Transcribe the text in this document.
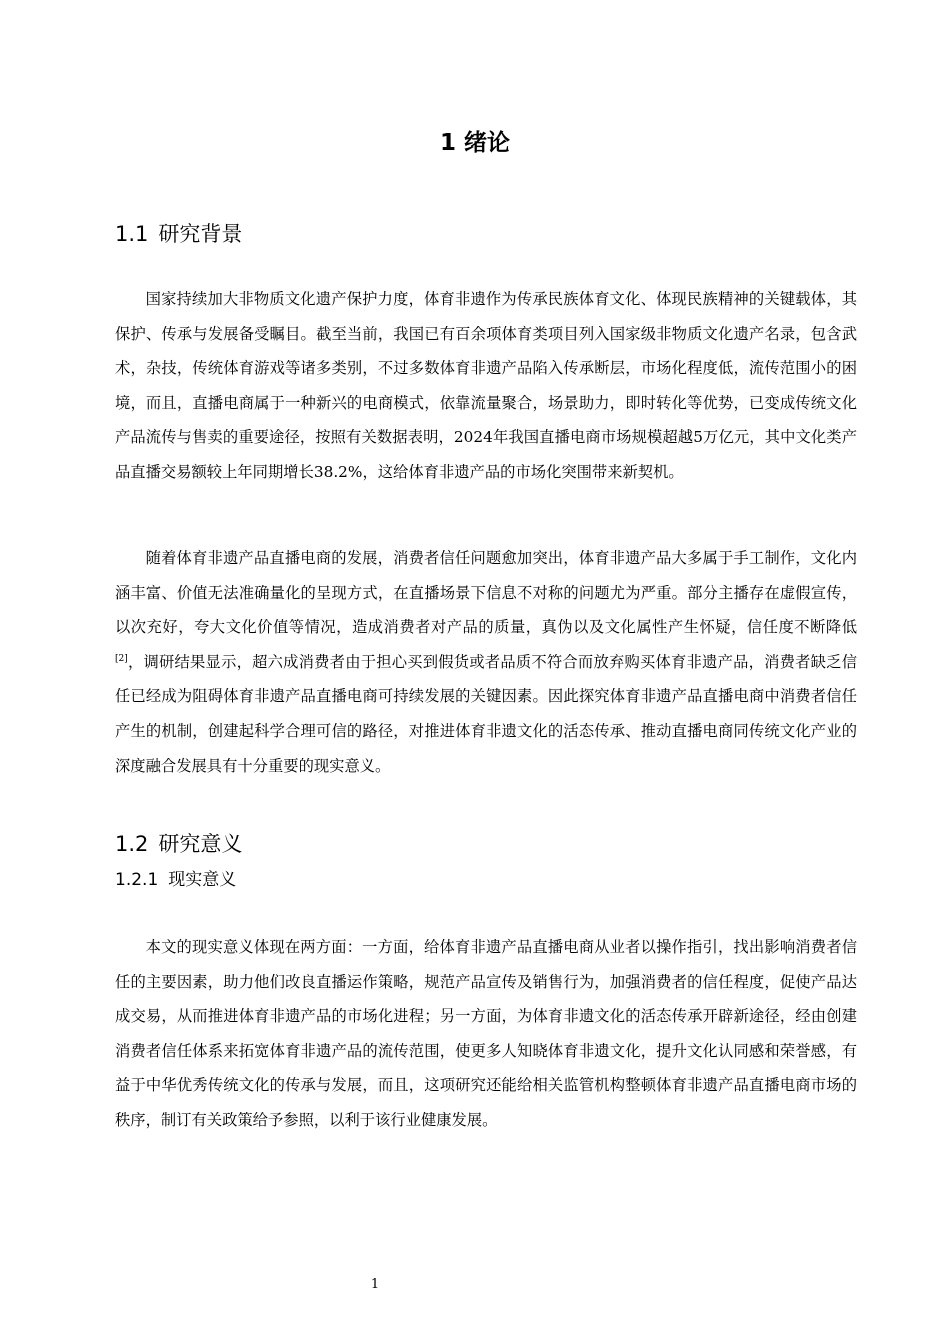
1 绪论
1.1 研究背景

国家持续加大非物质文化遗产保护力度，体育非遗作为传承民族体育文化、体现民族精神的关键载体，其保护、传承与发展备受瞩目。截至当前，我国已有百余项体育类项目列入国家级非物质文化遗产名录，包含武术，杂技，传统体育游戏等诸多类别，不过多数体育非遗产品陷入传承断层，市场化程度低，流传范围小的困境，而且，直播电商属于一种新兴的电商模式，依靠流量聚合，场景助力，即时转化等优势，已变成传统文化产品流传与售卖的重要途径，按照有关数据表明，2024年我国直播电商市场规模超越5万亿元，其中文化类产品直播交易额较上年同期增长38.2%，这给体育非遗产品的市场化突围带来新契机。

随着体育非遗产品直播电商的发展，消费者信任问题愈加突出，体育非遗产品大多属于手工制作，文化内涵丰富、价值无法准确量化的呈现方式，在直播场景下信息不对称的问题尤为严重。部分主播存在虚假宣传，以次充好，夸大文化价值等情况，造成消费者对产品的质量，真伪以及文化属性产生怀疑，信任度不断降低[2]，调研结果显示，超六成消费者由于担心买到假货或者品质不符合而放弃购买体育非遗产品，消费者缺乏信任已经成为阻碍体育非遗产品直播电商可持续发展的关键因素。因此探究体育非遗产品直播电商中消费者信任产生的机制，创建起科学合理可信的路径，对推进体育非遗文化的活态传承、推动直播电商同传统文化产业的深度融合发展具有十分重要的现实意义。

1.2 研究意义
1.2.1 现实意义

本文的现实意义体现在两方面：一方面，给体育非遗产品直播电商从业者以操作指引，找出影响消费者信任的主要因素，助力他们改良直播运作策略，规范产品宣传及销售行为，加强消费者的信任程度，促使产品达成交易，从而推进体育非遗产品的市场化进程；另一方面，为体育非遗文化的活态传承开辟新途径，经由创建消费者信任体系来拓宽体育非遗产品的流传范围，使更多人知晓体育非遗文化，提升文化认同感和荣誉感，有益于中华优秀传统文化的传承与发展，而且，这项研究还能给相关监管机构整顿体育非遗产品直播电商市场的秩序，制订有关政策给予参照，以利于该行业健康发展。

1
